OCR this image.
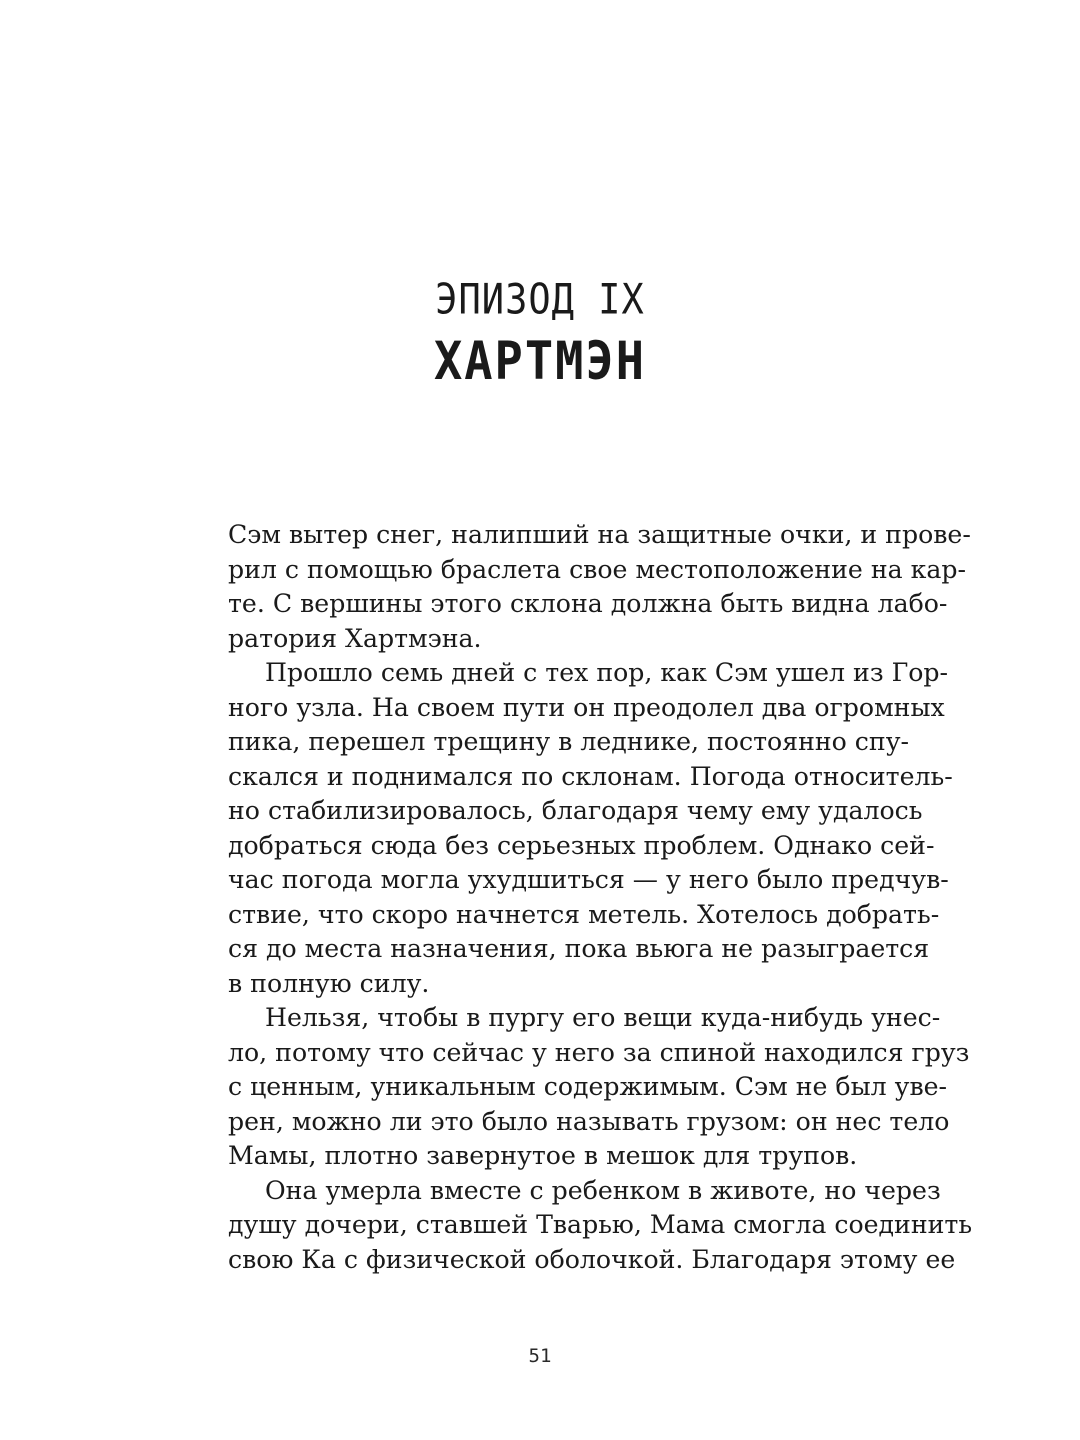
ЭПИЗОД IX
ХАРТМЭН
Сэм вытер снег, налипший на защитные очки, и прове-
рил с помощью браслета свое местоположение на кар-
те. С вершины этого склона должна быть видна лабо-
ратория Хартмэна.
Прошло семь дней с тех пор, как Сэм ушел из Гор-
ного узла. На своем пути он преодолел два огромных
пика, перешел трещину в леднике, постоянно спу-
скался и поднимался по склонам. Погода относитель-
но стабилизировалось, благодаря чему ему удалось
добраться сюда без серьезных проблем. Однако сей-
час погода могла ухудшиться — у него было предчув-
ствие, что скоро начнется метель. Хотелось добрать-
ся до места назначения, пока вьюга не разыграется
в полную силу.
Нельзя, чтобы в пургу его вещи куда-нибудь унес-
ло, потому что сейчас у него за спиной находился груз
с ценным, уникальным содержимым. Сэм не был уве-
рен, можно ли это было называть грузом: он нес тело
Мамы, плотно завернутое в мешок для трупов.
Она умерла вместе с ребенком в животе, но через
душу дочери, ставшей Тварью, Мама смогла соединить
свою Ка с физической оболочкой. Благодаря этому ее
51
